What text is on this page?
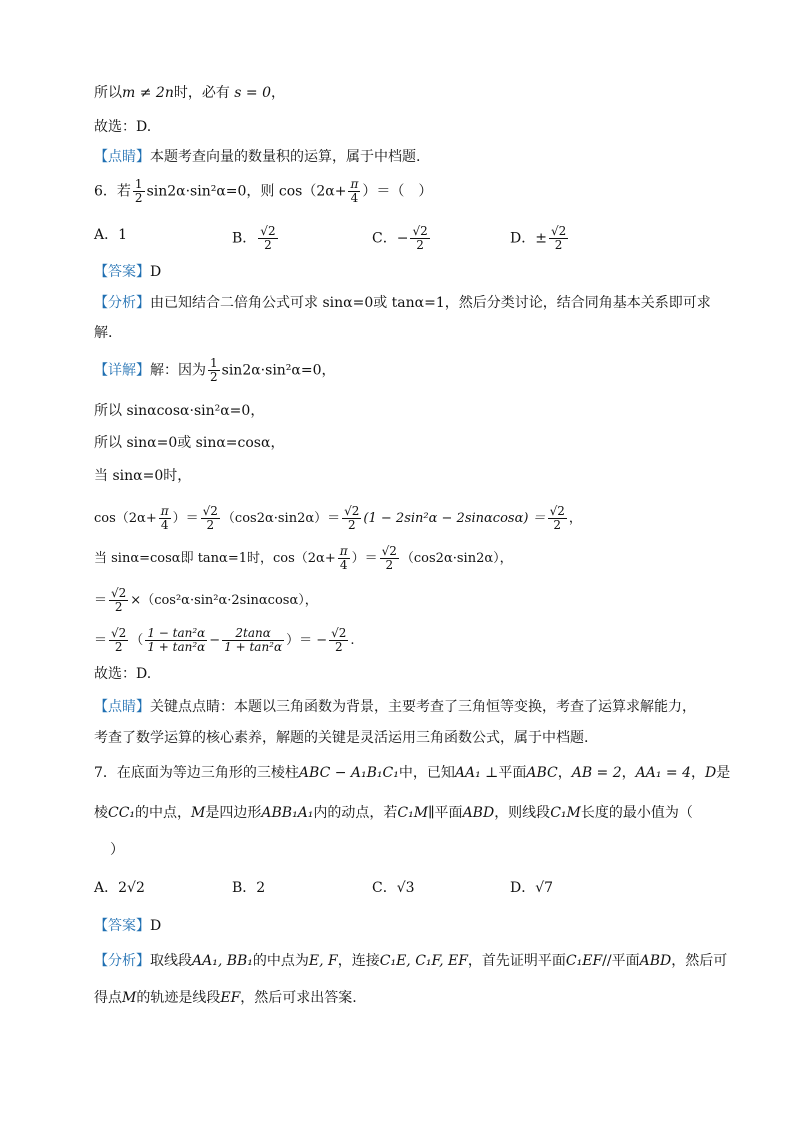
所以m ≠ 2n时，必有 s = 0，
故选：D.
【点睛】本题考查向量的数量积的运算，属于中档题.
6．若 $\frac{1}{2} \sin 2\alpha\cdot\sin^2\alpha=0$，则 $\cos(2\alpha+ \frac{\pi}{4}$ ）＝（　）
A．1	B． $\frac{√2}{2}$	C．− $\frac{√2}{2}$	D．± $\frac{√2}{2}$
【答案】D
【分析】由已知结合二倍角公式可求 sinα=0或 tanα=1，然后分类讨论，结合同角基本关系即可求
解.
【详解】解：因为 $\frac{1}{2} \sin 2\alpha\cdot\sin^2\alpha=0$，
所以 sinαcosα·sin²α=0，
所以 sinα=0或 sinα=cosα，
当 sinα=0时，
$\cos(2\alpha+ \frac{\pi}{4}$ ）＝ $\frac{√2}{2} (\cos 2\alpha\cdot\sin 2\alpha)= \frac{√2}{2} (1 - 2\sin^2\alpha - 2\sin\alpha\cos\alpha) = \frac{√2}{2}$ ，
当 sinα=cosα即 tanα=1时，$\cos(2\alpha+ \frac{\pi}{4}$ ）＝ $\frac{√2}{2} (\cos 2\alpha\cdot\sin 2\alpha)$，
＝ $\frac{√2}{2} \times(\cos^2\alpha\cdot\sin^2\alpha\cdot 2\sin\alpha\cos\alpha)$，
＝ $\frac{√2}{2}$ （ $\frac{\text{1 − tan²α}}{\text{1 + tan²α}} - \frac{2\tan\alpha}{\text{1 + tan²α}}$ ）＝ − $\frac{√2}{2}$ .
故选：D.
【点睛】关键点点睛：本题以三角函数为背景，主要考查了三角恒等变换，考查了运算求解能力，
考查了数学运算的核心素养，解题的关键是灵活运用三角函数公式，属于中档题.
7．在底面为等边三角形的三棱柱ABC − A₁B₁C₁中，已知AA₁ ⊥平面ABC，AB = 2，AA₁ = 4，D是
棱CC₁的中点，M是四边形ABB₁A₁内的动点，若C₁M∥平面ABD，则线段C₁M长度的最小值为（
）
A．2√2	B．2	C．√3	D．√7
【答案】D
【分析】取线段AA₁, BB₁的中点为E, F，连接C₁E, C₁F, EF，首先证明平面C₁EF//平面ABD，然后可
得点M的轨迹是线段EF，然后可求出答案.
